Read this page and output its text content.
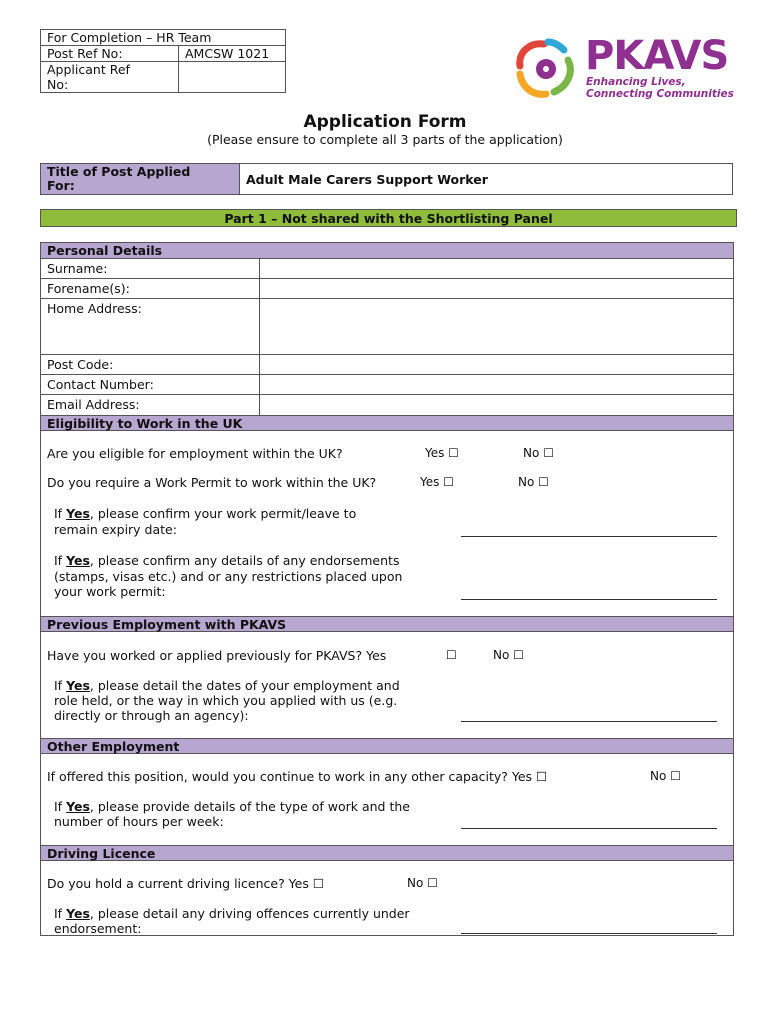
For Completion – HR Team
Post Ref No:	AMCSW 1021
Applicant Ref
No:
PKAVS
Enhancing Lives,
Connecting Communities
Application Form
(Please ensure to complete all 3 parts of the application)
Title of Post Applied
For:	Adult Male Carers Support Worker
Part 1 – Not shared with the Shortlisting Panel
Personal Details
Surname:
Forename(s):
Home Address:
Post Code:
Contact Number:
Email Address:
Eligibility to Work in the UK
Are you eligible for employment within the UK?	Yes ☐	No ☐
Do you require a Work Permit to work within the UK?	Yes ☐	No ☐
If Yes, please confirm your work permit/leave to
remain expiry date:
If Yes, please confirm any details of any endorsements
(stamps, visas etc.) and or any restrictions placed upon
your work permit:
Previous Employment with PKAVS
Have you worked or applied previously for PKAVS? Yes	☐	No ☐
If Yes, please detail the dates of your employment and
role held, or the way in which you applied with us (e.g.
directly or through an agency):
Other Employment
If offered this position, would you continue to work in any other capacity? Yes ☐	No ☐
If Yes, please provide details of the type of work and the
number of hours per week:
Driving Licence
Do you hold a current driving licence? Yes ☐	No ☐
If Yes, please detail any driving offences currently under
endorsement:
